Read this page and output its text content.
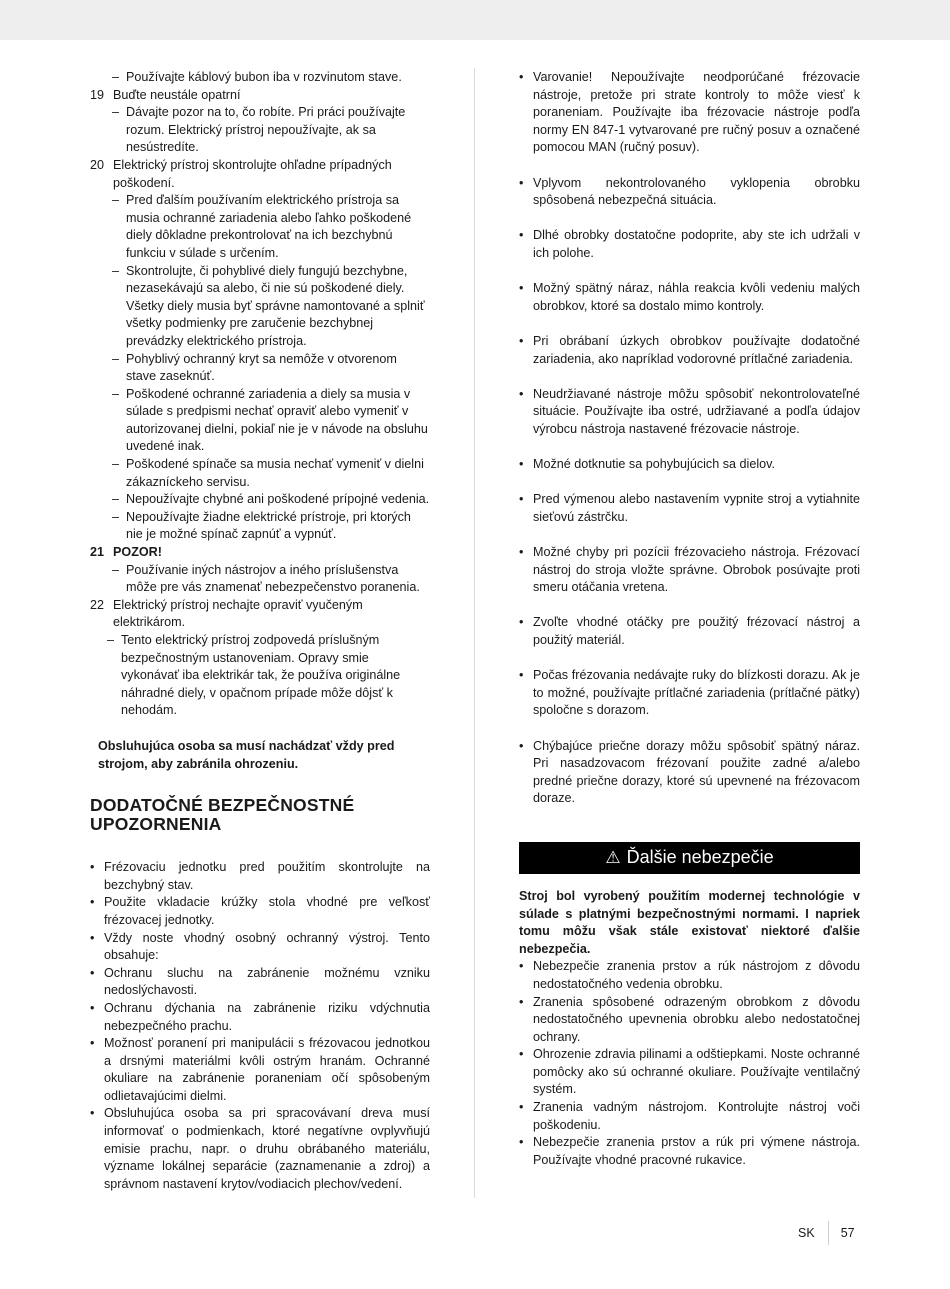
– Používajte káblový bubon iba v rozvinutom stave.
19 Buďte neustále opatrní
– Dávajte pozor na to, čo robíte. Pri práci používajte rozum. Elektrický prístroj nepoužívajte, ak sa nesústredíte.
20 Elektrický prístroj skontrolujte ohľadne prípadných poškodení.
– Pred ďalším používaním elektrického prístroja sa musia ochranné zariadenia alebo ľahko poškodené diely dôkladne prekontrolovať na ich bezchybnú funkciu v súlade s určením.
– Skontrolujte, či pohyblivé diely fungujú bezchybne, nezasekávajú sa alebo, či nie sú poškodené diely. Všetky diely musia byť správne namontované a splniť všetky podmienky pre zaručenie bezchybnej prevádzky elektrického prístroja.
– Pohyblivý ochranný kryt sa nemôže v otvorenom stave zaseknúť.
– Poškodené ochranné zariadenia a diely sa musia v súlade s predpismi nechať opraviť alebo vymeniť v autorizovanej dielni, pokiaľ nie je v návode na obsluhu uvedené inak.
– Poškodené spínače sa musia nechať vymeniť v dielni zákazníckeho servisu.
– Nepoužívajte chybné ani poškodené prípojné vedenia.
– Nepoužívajte žiadne elektrické prístroje, pri ktorých nie je možné spínač zapnúť a vypnúť.
21 POZOR!
– Používanie iných nástrojov a iného príslušenstva môže pre vás znamenať nebezpečenstvo poranenia.
22 Elektrický prístroj nechajte opraviť vyučeným elektrikárom.
– Tento elektrický prístroj zodpovedá príslušným bezpečnostným ustanoveniam. Opravy smie vykonávať iba elektrikár tak, že používa originálne náhradné diely, v opačnom prípade môže dôjsť k nehodám.
Obsluhujúca osoba sa musí nachádzať vždy pred strojom, aby zabránila ohrozeniu.
DODATOČNÉ BEZPEČNOSTNÉ UPOZORNENIA
• Frézovaciu jednotku pred použitím skontrolujte na bezchybný stav.
• Použite vkladacie krúžky stola vhodné pre veľkosť frézovacej jednotky.
• Vždy noste vhodný osobný ochranný výstroj. Tento obsahuje:
• Ochranu sluchu na zabránenie možnému vzniku nedoslýchavosti.
• Ochranu dýchania na zabránenie riziku vdýchnutia nebezpečného prachu.
• Možnosť poranení pri manipulácii s frézovacou jednotkou a drsnými materiálmi kvôli ostrým hranám. Ochranné okuliare na zabránenie poraneniam očí spôsobeným odlietavajúcimi dielmi.
• Obsluhujúca osoba sa pri spracovávaní dreva musí informovať o podmienkach, ktoré negatívne ovplyvňujú emisie prachu, napr. o druhu obrábaného materiálu, význame lokálnej separácie (zaznamenanie a zdroj) a správnom nastavení krytov/vodiacich plechov/vedení.
• Varovanie! Nepoužívajte neodporúčané frézovacie nástroje, pretože pri strate kontroly to môže viesť k poraneniam. Používajte iba frézovacie nástroje podľa normy EN 847-1 vytvarované pre ručný posuv a označené pomocou MAN (ručný posuv).
• Vplyvom nekontrolovaného vyklopenia obrobku spôsobená nebezpečná situácia.
• Dlhé obrobky dostatočne podoprite, aby ste ich udržali v ich polohe.
• Možný spätný náraz, náhla reakcia kvôli vedeniu malých obrobkov, ktoré sa dostalo mimo kontroly.
• Pri obrábaní úzkych obrobkov používajte dodatočné zariadenia, ako napríklad vodorovné prítlačné zariadenia.
• Neudržiavané nástroje môžu spôsobiť nekontrolovateľné situácie. Používajte iba ostré, udržiavané a podľa údajov výrobcu nástroja nastavené frézovacie nástroje.
• Možné dotknutie sa pohybujúcich sa dielov.
• Pred výmenou alebo nastavením vypnite stroj a vytiahnite sieťovú zástrčku.
• Možné chyby pri pozícii frézovacieho nástroja. Frézovací nástroj do stroja vložte správne. Obrobok posúvajte proti smeru otáčania vretena.
• Zvoľte vhodné otáčky pre použitý frézovací nástroj a použitý materiál.
• Počas frézovania nedávajte ruky do blízkosti dorazu. Ak je to možné, používajte prítlačné zariadenia (prítlačné pätky) spoločne s dorazom.
• Chýbajúce priečne dorazy môžu spôsobiť spätný náraz. Pri nasadzovacom frézovaní použite zadné a/alebo predné priečne dorazy, ktoré sú upevnené na frézovacom doraze.
⚠ Ďalšie nebezpečie
Stroj bol vyrobený použitím modernej technológie v súlade s platnými bezpečnostnými normami. I napriek tomu môžu však stále existovať niektoré ďalšie nebezpečia.
• Nebezpečie zranenia prstov a rúk nástrojom z dôvodu nedostatočného vedenia obrobku.
• Zranenia spôsobené odrazeným obrobkom z dôvodu nedostatočného upevnenia obrobku alebo nedostatočnej ochrany.
• Ohrozenie zdravia pilinami a odštiepkami. Noste ochranné pomôcky ako sú ochranné okuliare. Používajte ventilačný systém.
• Zranenia vadným nástrojom. Kontrolujte nástroj voči poškodeniu.
• Nebezpečie zranenia prstov a rúk pri výmene nástroja. Používajte vhodné pracovné rukavice.
SK 57
